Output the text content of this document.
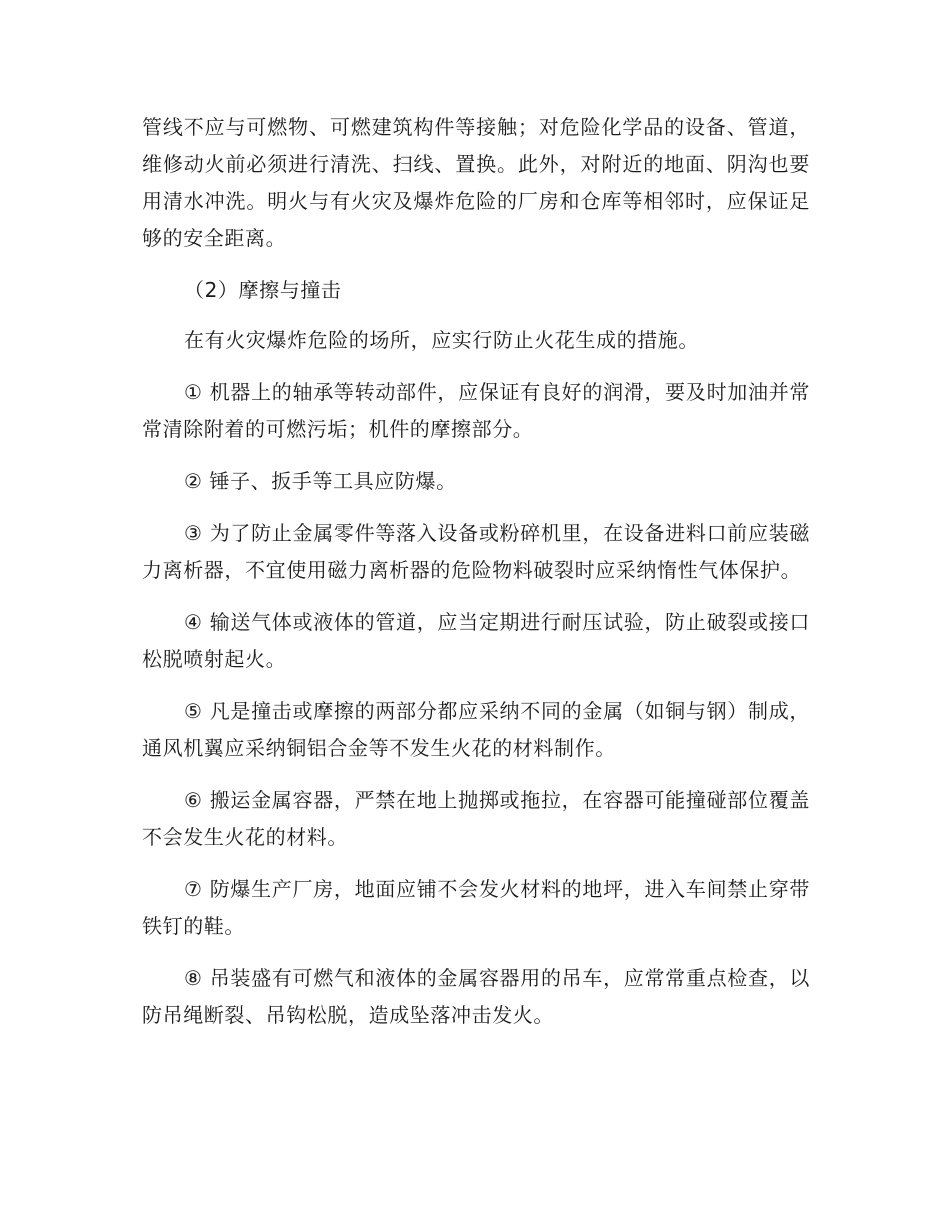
管线不应与可燃物、可燃建筑构件等接触；对危险化学品的设备、管道，维修动火前必须进行清洗、扫线、置换。此外，对附近的地面、阴沟也要用清水冲洗。明火与有火灾及爆炸危险的厂房和仓库等相邻时，应保证足够的安全距离。

（2）摩擦与撞击

在有火灾爆炸危险的场所，应实行防止火花生成的措施。

① 机器上的轴承等转动部件，应保证有良好的润滑，要及时加油并常常清除附着的可燃污垢；机件的摩擦部分。

② 锤子、扳手等工具应防爆。

③ 为了防止金属零件等落入设备或粉碎机里，在设备进料口前应装磁力离析器，不宜使用磁力离析器的危险物料破裂时应采纳惰性气体保护。

④ 输送气体或液体的管道，应当定期进行耐压试验，防止破裂或接口松脱喷射起火。

⑤ 凡是撞击或摩擦的两部分都应采纳不同的金属（如铜与钢）制成，通风机翼应采纳铜铝合金等不发生火花的材料制作。

⑥ 搬运金属容器，严禁在地上抛掷或拖拉，在容器可能撞碰部位覆盖不会发生火花的材料。

⑦ 防爆生产厂房，地面应铺不会发火材料的地坪，进入车间禁止穿带铁钉的鞋。

⑧ 吊装盛有可燃气和液体的金属容器用的吊车，应常常重点检查，以防吊绳断裂、吊钩松脱，造成坠落冲击发火。
